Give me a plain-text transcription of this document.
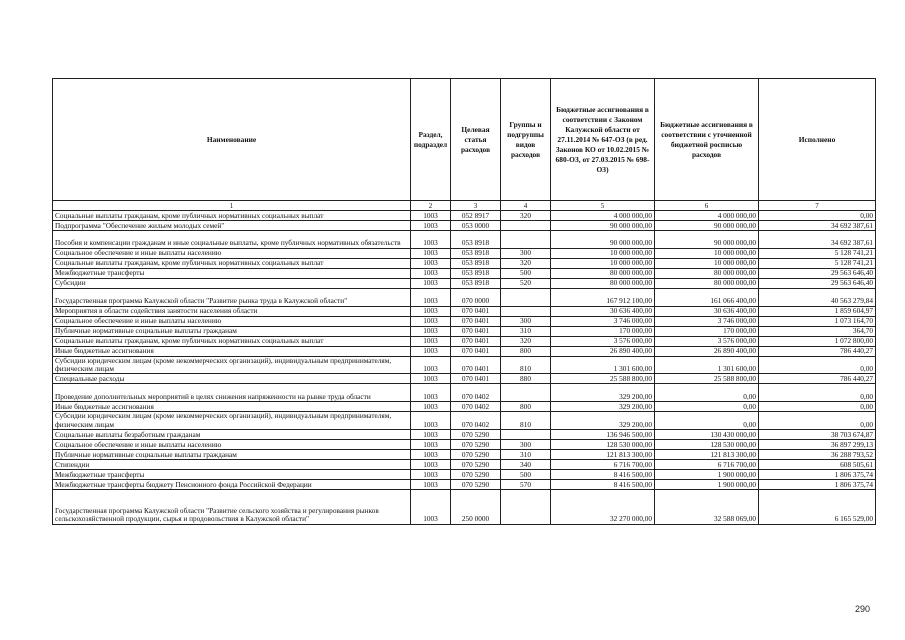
Наименование	Раздел, подраздел	Целевая статья расходов	Группы и подгруппы видов расходов	Бюджетные ассигнования в соответствии с Законом Калужской области от 27.11.2014 № 647-ОЗ (в ред. Законов КО от 10.02.2015 № 680-ОЗ, от 27.03.2015 № 698-ОЗ)	Бюджетные ассигнования в соответствии с уточненной бюджетной росписью расходов	Исполнено
1	2	3	4	5	6	7
Социальные выплаты гражданам, кроме публичных нормативных социальных выплат	1003	052 8917	320	4 000 000,00	4 000 000,00	0,00
Подпрограмма "Обеспечение жильем молодых семей"	1003	053 0000		90 000 000,00	90 000 000,00	34 692 387,61
Пособия и компенсации гражданам и иные социальные выплаты, кроме публичных нормативных обязательств	1003	053 8918		90 000 000,00	90 000 000,00	34 692 387,61
Социальное обеспечение и иные выплаты населению	1003	053 8918	300	10 000 000,00	10 000 000,00	5 128 741,21
Социальные выплаты гражданам, кроме публичных нормативных социальных выплат	1003	053 8918	320	10 000 000,00	10 000 000,00	5 128 741,21
Межбюджетные трансферты	1003	053 8918	500	80 000 000,00	80 000 000,00	29 563 646,40
Субсидии	1003	053 8918	520	80 000 000,00	80 000 000,00	29 563 646,40
Государственная программа Калужской области "Развитие рынка труда в Калужской области"	1003	070 0000		167 912 100,00	161 066 400,00	40 563 279,84
Мероприятия в области содействия занятости населения области	1003	070 0401		30 636 400,00	30 636 400,00	1 859 604,97
Социальное обеспечение и иные выплаты населению	1003	070 0401	300	3 746 000,00	3 746 000,00	1 073 164,70
Публичные нормативные социальные выплаты гражданам	1003	070 0401	310	170 000,00	170 000,00	364,70
Социальные выплаты гражданам, кроме публичных нормативных социальных выплат	1003	070 0401	320	3 576 000,00	3 576 000,00	1 072 800,00
Иные бюджетные ассигнования	1003	070 0401	800	26 890 400,00	26 890 400,00	786 440,27
Субсидии юридическим лицам (кроме некоммерческих организаций), индивидуальным предпринимателям, физическим лицам	1003	070 0401	810	1 301 600,00	1 301 600,00	0,00
Специальные расходы	1003	070 0401	880	25 588 800,00	25 588 800,00	786 440,27
Проведение дополнительных мероприятий в целях снижения напряженности на рынке труда области	1003	070 0402		329 200,00	0,00	0,00
Иные бюджетные ассигнования	1003	070 0402	800	329 200,00	0,00	0,00
Субсидии юридическим лицам (кроме некоммерческих организаций), индивидуальным предпринимателям, физическим лицам	1003	070 0402	810	329 200,00	0,00	0,00
Социальные выплаты безработным гражданам	1003	070 5290		136 946 500,00	130 430 000,00	38 703 674,87
Социальное обеспечение и иные выплаты населению	1003	070 5290	300	128 530 000,00	128 530 000,00	36 897 299,13
Публичные нормативные социальные выплаты гражданам	1003	070 5290	310	121 813 300,00	121 813 300,00	36 288 793,52
Стипендии	1003	070 5290	340	6 716 700,00	6 716 700,00	608 505,61
Межбюджетные трансферты	1003	070 5290	500	8 416 500,00	1 900 000,00	1 806 375,74
Межбюджетные трансферты бюджету Пенсионного фонда Российской Федерации	1003	070 5290	570	8 416 500,00	1 900 000,00	1 806 375,74
Государственная программа Калужской области "Развитие сельского хозяйства и регулирования рынков сельскохозяйственной продукции, сырья и продовольствия в Калужской области"	1003	250 0000		32 270 000,00	32 588 069,00	6 165 529,00
290
